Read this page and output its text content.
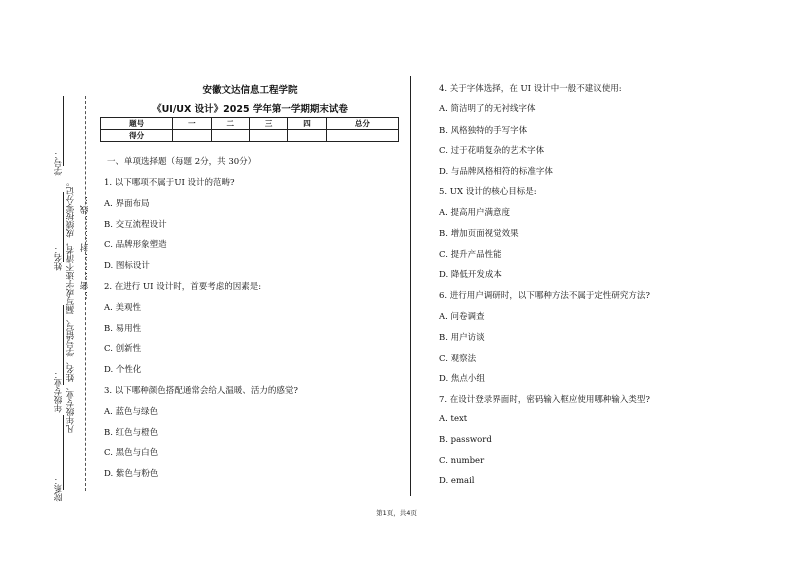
学号：
姓名：
年级专业：
院系：
凡年级专业、姓名、学号错写、漏写或字迹不清者，成绩按零分记。 …密………封………线…
安徽文达信息工程学院
《UI/UX 设计》2025 学年第一学期期末试卷
题号	一	二	三	四	总分
得分					
一、单项选择题（每题 2分，共 30分）
1. 以下哪项不属于UI 设计的范畴?
A. 界面布局
B. 交互流程设计
C. 品牌形象塑造
D. 图标设计
2. 在进行 UI 设计时，首要考虑的因素是:
A. 美观性
B. 易用性
C. 创新性
D. 个性化
3. 以下哪种颜色搭配通常会给人温暖、活力的感觉?
A. 蓝色与绿色
B. 红色与橙色
C. 黑色与白色
D. 紫色与粉色
4. 关于字体选择，在 UI 设计中一般不建议使用:
A. 简洁明了的无衬线字体
B. 风格独特的手写字体
C. 过于花哨复杂的艺术字体
D. 与品牌风格相符的标准字体
5. UX 设计的核心目标是:
A. 提高用户满意度
B. 增加页面视觉效果
C. 提升产品性能
D. 降低开发成本
6. 进行用户调研时，以下哪种方法不属于定性研究方法?
A. 问卷调查
B. 用户访谈
C. 观察法
D. 焦点小组
7. 在设计登录界面时，密码输入框应使用哪种输入类型?
A. text
B. password
C. number
D. email
第1页，共4页
